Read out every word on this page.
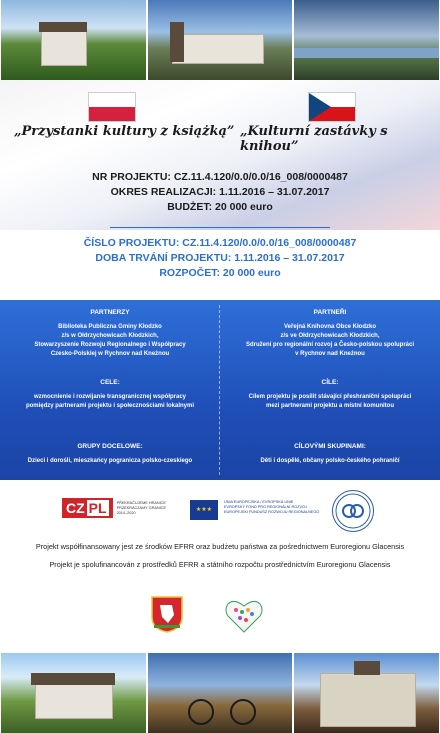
„Przystanki kultury z książką” „Kulturní zastávky s knihou”
NR PROJEKTU: CZ.11.4.120/0.0/0.0/16_008/0000487
OKRES REALIZACJI: 1.11.2016 – 31.07.2017
BUDŻET: 20 000 euro
ČÍSLO PROJEKTU: CZ.11.4.120/0.0/0.0/16_008/0000487
DOBA TRVÁNÍ PROJEKTU: 1.11.2016 – 31.07.2017
ROZPOČET: 20 000 euro
PARTNERZY
Biblioteka Publiczna Gminy Kłodzko
z/s w Ołdrzychowicach Kłodzkich,
Stowarzyszenie Rozwoju Regionalnego i Współpracy
Czesko-Polskiej w Rychnov nad Kneżnou
CELE:
wzmocnienie i rozwijanie transgranicznej współpracy
pomiędzy partnerami projektu i społecznościami lokalnymi
GRUPY DOCELOWE:
Dzieci i dorośli, mieszkańcy pogranicza polsko-czeskiego
PARTNEŘI
Veřejná Knihovna Obce Kłodzko
z/s ve Ołdrzychowicach Kłodzkich,
Sdružení pro regionální rozvoj a Česko-polskou spolupráci
v Rychnov nad Kneżnou
CÍLE:
Cílem projektu je posílit stávající přeshraniční spolupráci
mezi partnerami projektu a místní komunitou
CÍLOVÝMI SKUPINAMI:
Děti i dospělé, občany polsko-českého pohraničí
CZ PL	PŘEKRAČUJEME HRANICE
PRZEKRACZAMY GRANICE
2014–2020	★★★
UNIA EUROPEJSKA / EVROPSKÁ UNIE
EVROPSKÝ FOND PRO REGIONÁLNÍ ROZVOJ
EUROPEJSKI FUNDUSZ ROZWOJU REGIONALNEGO
Projekt współfinansowany jest ze środków EFRR oraz budżetu państwa za pośrednictwem Euroregionu Glacensis
Projekt je spolufinancován z prostředků EFRR a státního rozpočtu prostřednictvím Euroregionu Glacensis
